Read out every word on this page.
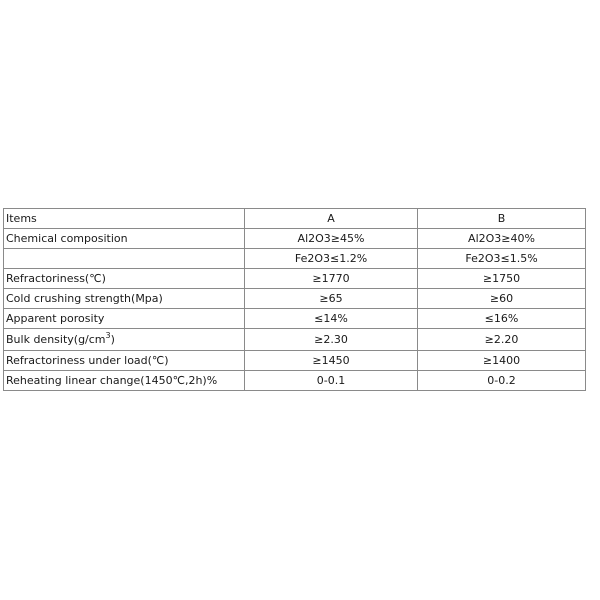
Items	A	B
Chemical composition	Al2O3≥45%	Al2O3≥40%
	Fe2O3≤1.2%	Fe2O3≤1.5%
Refractoriness(℃)	≥1770	≥1750
Cold crushing strength(Mpa)	≥65	≥60
Apparent porosity	≤14%	≤16%
Bulk $density(g/cm^3)$	≥2.30	≥2.20
Refractoriness under load(℃)	≥1450	≥1400
Reheating linear change(1450℃,2h)%	0-0.1	0-0.2
